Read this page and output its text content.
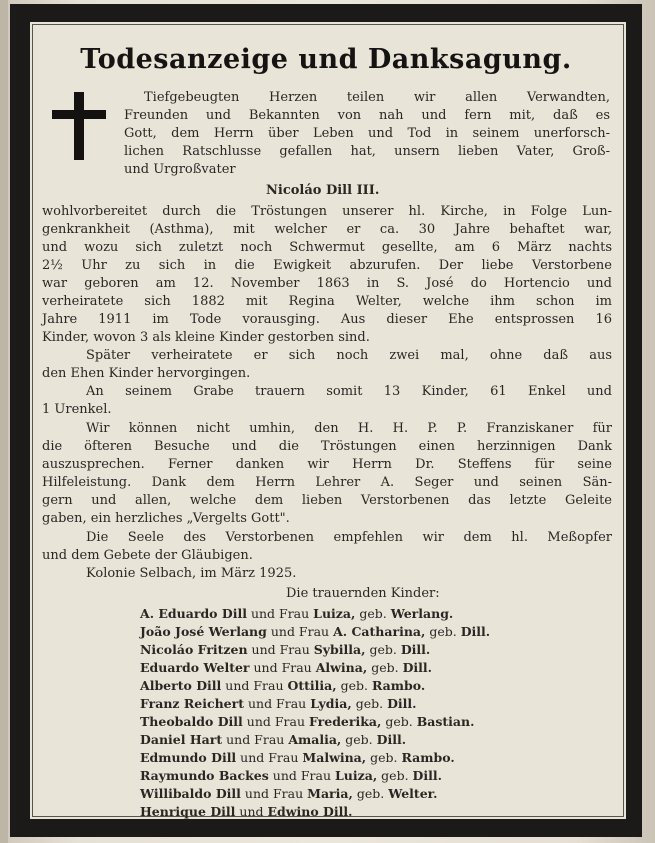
Todesanzeige und Danksagung.
Tiefgebeugten Herzen teilen wir allen Verwandten,
Freunden und Bekannten von nah und fern mit, daß es
Gott, dem Herrn über Leben und Tod in seinem unerforsch-
lichen Ratschlusse gefallen hat, unsern lieben Vater, Groß-
und Urgroßvater
Nicoláo Dill III.
wohlvorbereitet durch die Tröstungen unserer hl. Kirche, in Folge Lun-
genkrankheit (Asthma), mit welcher er ca. 30 Jahre behaftet war,
und wozu sich zuletzt noch Schwermut gesellte, am 6 März nachts
2½ Uhr zu sich in die Ewigkeit abzurufen. Der liebe Verstorbene
war geboren am 12. November 1863 in S. José do Hortencio und
verheiratete sich 1882 mit Regina Welter, welche ihm schon im
Jahre 1911 im Tode vorausging. Aus dieser Ehe entsprossen 16
Kinder, wovon 3 als kleine Kinder gestorben sind.
Später verheiratete er sich noch zwei mal, ohne daß aus
den Ehen Kinder hervorgingen.
An seinem Grabe trauern somit 13 Kinder, 61 Enkel und
1 Urenkel.
Wir können nicht umhin, den H. H. P. P. Franziskaner für
die öfteren Besuche und die Tröstungen einen herzinnigen Dank
auszusprechen. Ferner danken wir Herrn Dr. Steffens für seine
Hilfeleistung. Dank dem Herrn Lehrer A. Seger und seinen Sän-
gern und allen, welche dem lieben Verstorbenen das letzte Geleite
gaben, ein herzliches „Vergelts Gott".
Die Seele des Verstorbenen empfehlen wir dem hl. Meßopfer
und dem Gebete der Gläubigen.
Kolonie Selbach, im März 1925.
Die trauernden Kinder:
A. Eduardo Dill und Frau Luiza, geb. Werlang.
João José Werlang und Frau A. Catharina, geb. Dill.
Nicoláo Fritzen und Frau Sybilla, geb. Dill.
Eduardo Welter und Frau Alwina, geb. Dill.
Alberto Dill und Frau Ottilia, geb. Rambo.
Franz Reichert und Frau Lydia, geb. Dill.
Theobaldo Dill und Frau Frederika, geb. Bastian.
Daniel Hart und Frau Amalia, geb. Dill.
Edmundo Dill und Frau Malwina, geb. Rambo.
Raymundo Backes und Frau Luiza, geb. Dill.
Willibaldo Dill und Frau Maria, geb. Welter.
Henrique Dill und Edwino Dill.
